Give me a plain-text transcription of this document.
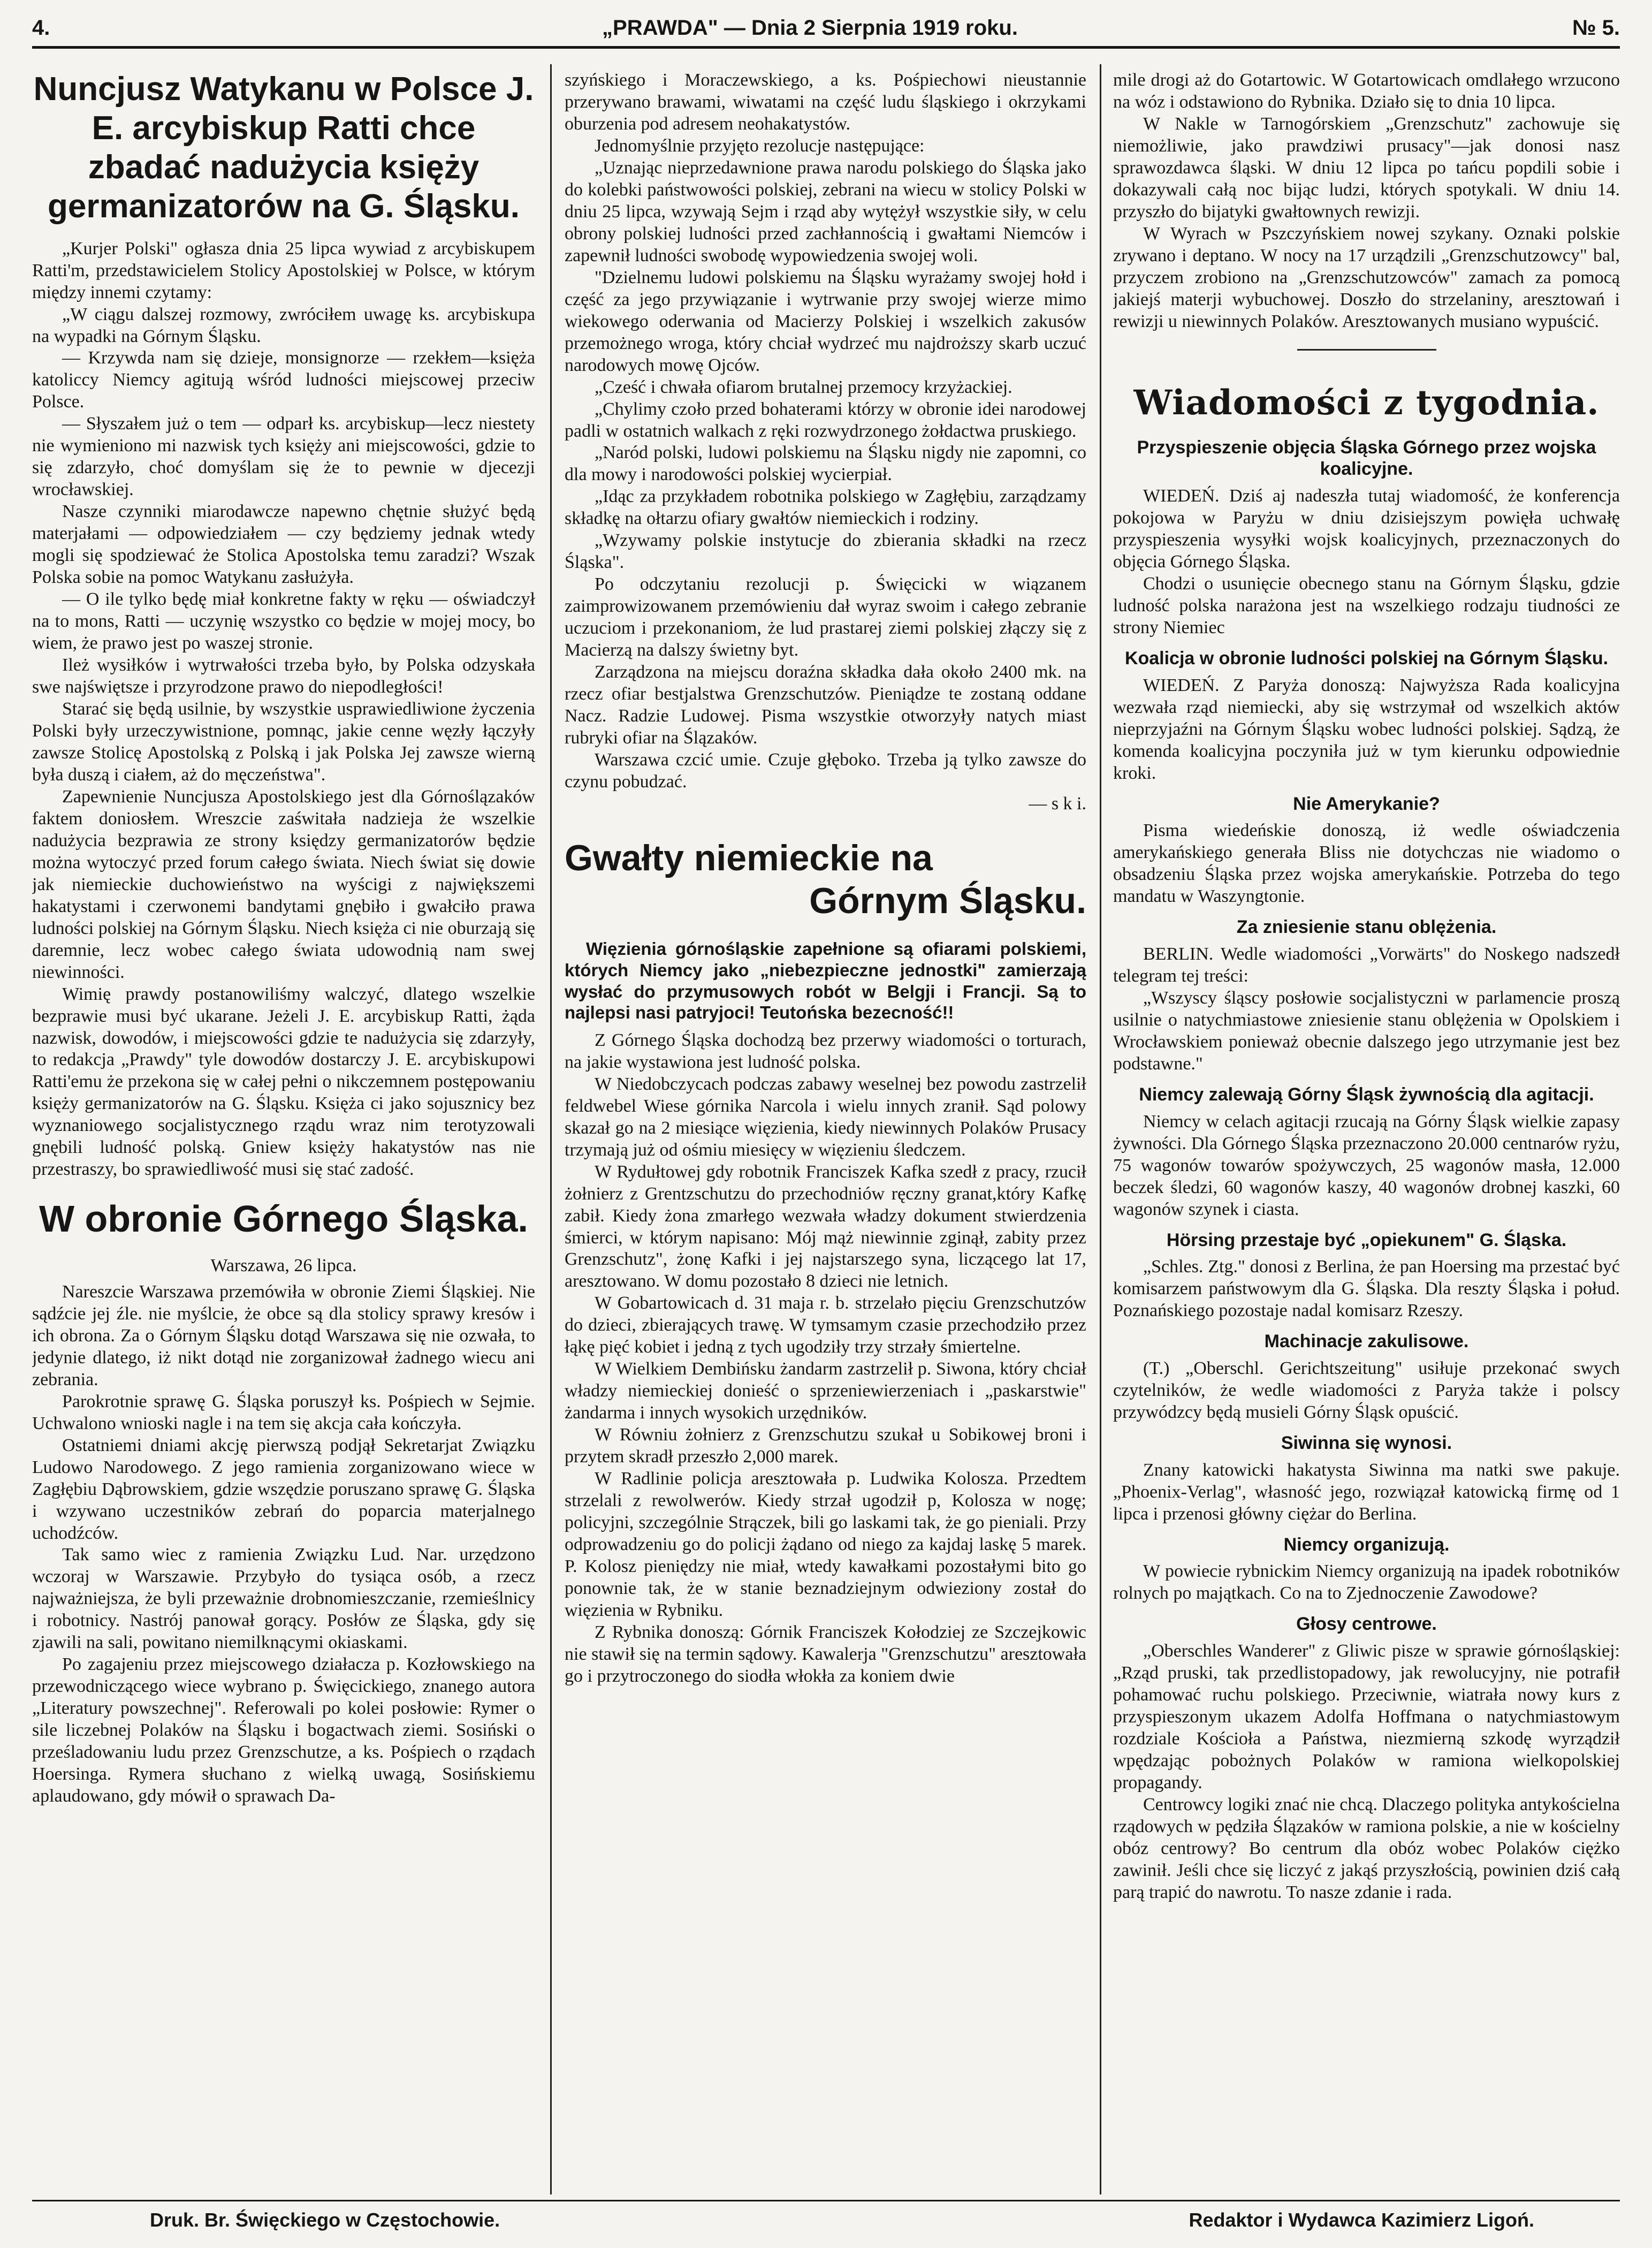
4.	„PRAWDA" — Dnia 2 Sierpnia 1919 roku.	№ 5.
Nuncjusz Watykanu w Polsce J. E. arcybiskup Ratti chce zbadać nadużycia księży germanizatorów na G. Śląsku.

„Kurjer Polski" ogłasza dnia 25 lipca wywiad z arcybiskupem Ratti'm, przedstawicielem Stolicy Apostolskiej w Polsce, w którym między innemi czytamy:

„W ciągu dalszej rozmowy, zwróciłem uwagę ks. arcybiskupa na wypadki na Górnym Śląsku.

— Krzywda nam się dzieje, monsignorze — rzekłem—księża katoliccy Niemcy agitują wśród ludności miejscowej przeciw Polsce.

— Słyszałem już o tem — odparł ks. arcybiskup—lecz niestety nie wymieniono mi nazwisk tych księży ani miejscowości, gdzie to się zdarzyło, choć domyślam się że to pewnie w djecezji wrocławskiej.

Nasze czynniki miarodawcze napewno chętnie służyć będą materjałami — odpowiedziałem — czy będziemy jednak wtedy mogli się spodziewać że Stolica Apostolska temu zaradzi? Wszak Polska sobie na pomoc Watykanu zasłużyła.

— O ile tylko będę miał konkretne fakty w ręku — oświadczył na to mons, Ratti — uczynię wszystko co będzie w mojej mocy, bo wiem, że prawo jest po waszej stronie.

Ileż wysiłków i wytrwałości trzeba było, by Polska odzyskała swe najświętsze i przyrodzone prawo do niepodległości!

Starać się będą usilnie, by wszystkie usprawiedliwione życzenia Polski były urzeczywistnione, pomnąc, jakie cenne węzły łączyły zawsze Stolicę Apostolską z Polską i jak Polska Jej zawsze wierną była duszą i ciałem, aż do męczeństwa".

Zapewnienie Nuncjusza Apostolskiego jest dla Górnoślązaków faktem doniosłem. Wreszcie zaświtała nadzieja że wszelkie nadużycia bezprawia ze strony księdzy germanizatorów będzie można wytoczyć przed forum całego świata. Niech świat się dowie jak niemieckie duchowieństwo na wyścigi z największemi hakatystami i czerwonemi bandytami gnębiło i gwałciło prawa ludności polskiej na Górnym Śląsku. Niech księża ci nie oburzają się daremnie, lecz wobec całego świata udowodnią nam swej niewinności.

Wimię prawdy postanowiliśmy walczyć, dlatego wszelkie bezprawie musi być ukarane. Jeżeli J. E. arcybiskup Ratti, żąda nazwisk, dowodów, i miejscowości gdzie te nadużycia się zdarzyły, to redakcja „Prawdy" tyle dowodów dostarczy J. E. arcybiskupowi Ratti'emu że przekona się w całej pełni o nikczemnem postępowaniu księży germanizatorów na G. Śląsku. Księża ci jako sojusznicy bez wyznaniowego socjalistycznego rządu wraz nim terotyzowali gnębili ludność polską. Gniew księży hakatystów nas nie przestraszy, bo sprawiedliwość musi się stać zadość.

W obronie Górnego Śląska.

Warszawa, 26 lipca.

Nareszcie Warszawa przemówiła w obronie Ziemi Śląskiej. Nie sądźcie jej źle. nie myślcie, że obce są dla stolicy sprawy kresów i ich obrona. Za o Górnym Śląsku dotąd Warszawa się nie ozwała, to jedynie dlatego, iż nikt dotąd nie zorganizował żadnego wiecu ani zebrania.

Parokrotnie sprawę G. Śląska poruszył ks. Pośpiech w Sejmie. Uchwalono wnioski nagle i na tem się akcja cała kończyła.

Ostatniemi dniami akcję pierwszą podjął Sekretarjat Związku Ludowo Narodowego. Z jego ramienia zorganizowano wiece w Zagłębiu Dąbrowskiem, gdzie wszędzie poruszano sprawę G. Śląska i wzywano uczestników zebrań do poparcia materjalnego uchodźców.

Tak samo wiec z ramienia Związku Lud. Nar. urzędzono wczoraj w Warszawie. Przybyło do tysiąca osób, a rzecz najważniejsza, że byli przeważnie drobnomieszczanie, rzemieślnicy i robotnicy. Nastrój panował gorący. Posłów ze Śląska, gdy się zjawili na sali, powitano niemilknącymi okiaskami.

Po zagajeniu przez miejscowego działacza p. Kozłowskiego na przewodniczącego wiece wybrano p. Święcickiego, znanego autora „Literatury powszechnej". Referowali po kolei posłowie: Rymer o sile liczebnej Polaków na Śląsku i bogactwach ziemi. Sosiński o prześladowaniu ludu przez Grenzschutze, a ks. Pośpiech o rządach Hoersinga. Rymera słuchano z wielką uwagą, Sosińskiemu aplaudowano, gdy mówił o sprawach Da-

szyńskiego i Moraczewskiego, a ks. Pośpiechowi nieustannie przerywano brawami, wiwatami na część ludu śląskiego i okrzykami oburzenia pod adresem neohakatystów.

Jednomyślnie przyjęto rezolucje następujące:

„Uznając nieprzedawnione prawa narodu polskiego do Śląska jako do kolebki państwowości polskiej, zebrani na wiecu w stolicy Polski w dniu 25 lipca, wzywają Sejm i rząd aby wytężył wszystkie siły, w celu obrony polskiej ludności przed zachłannością i gwałtami Niemców i zapewnił ludności swobodę wypowiedzenia swojej woli.

"Dzielnemu ludowi polskiemu na Śląsku wyrażamy swojej hołd i część za jego przywiązanie i wytrwanie przy swojej wierze mimo wiekowego oderwania od Macierzy Polskiej i wszelkich zakusów przemożnego wroga, który chciał wydrzeć mu najdroższy skarb uczuć narodowych mowę Ojców.

„Cześć i chwała ofiarom brutalnej przemocy krzyżackiej.

„Chylimy czoło przed bohaterami którzy w obronie idei narodowej padli w ostatnich walkach z ręki rozwydrzonego żołdactwa pruskiego.

„Naród polski, ludowi polskiemu na Śląsku nigdy nie zapomni, co dla mowy i narodowości polskiej wycierpiał.

„Idąc za przykładem robotnika polskiego w Zagłębiu, zarządzamy składkę na ołtarzu ofiary gwałtów niemieckich i rodziny.

„Wzywamy polskie instytucje do zbierania składki na rzecz Śląska".

Po odczytaniu rezolucji p. Święcicki w wiązanem zaimprowizowanem przemówieniu dał wyraz swoim i całego zebranie uczuciom i przekonaniom, że lud prastarej ziemi polskiej złączy się z Macierzą na dalszy świetny byt.

Zarządzona na miejscu doraźna składka dała około 2400 mk. na rzecz ofiar bestjalstwa Grenzschutzów. Pieniądze te zostaną oddane Nacz. Radzie Ludowej. Pisma wszystkie otworzyły natych miast rubryki ofiar na Ślązaków.

Warszawa czcić umie. Czuje głęboko. Trzeba ją tylko zawsze do czynu pobudzać.

— s k i.

Gwałty niemieckie na
Górnym Śląsku.
Więzienia górnośląskie zapełnione są ofiarami polskiemi, których Niemcy jako „niebezpieczne jednostki" zamierzają wysłać do przymusowych robót w Belgji i Francji. Są to najlepsi nasi patryjoci! Teutońska bezecność!!

Z Górnego Śląska dochodzą bez przerwy wiadomości o torturach, na jakie wystawiona jest ludność polska.

W Niedobczycach podczas zabawy weselnej bez powodu zastrzelił feldwebel Wiese górnika Narcola i wielu innych zranił. Sąd polowy skazał go na 2 miesiące więzienia, kiedy niewinnych Polaków Prusacy trzymają już od ośmiu miesięcy w więzieniu śledczem.

W Rydułtowej gdy robotnik Franciszek Kafka szedł z pracy, rzucił żołnierz z Grentzschutzu do przechodniów ręczny granat,który Kafkę zabił. Kiedy żona zmarłego wezwała władzy dokument stwierdzenia śmierci, w którym napisano: Mój mąż niewinnie zginął, zabity przez Grenzschutz", żonę Kafki i jej najstarszego syna, liczącego lat 17, aresztowano. W domu pozostało 8 dzieci nie letnich.

W Gobartowicach d. 31 maja r. b. strzelało pięciu Grenzschutzów do dzieci, zbierających trawę. W tymsamym czasie przechodziło przez łąkę pięć kobiet i jedną z tych ugodziły trzy strzały śmiertelne.

W Wielkiem Dembińsku żandarm zastrzelił p. Siwona, który chciał władzy niemieckiej donieść o sprzeniewierzeniach i „paskarstwie" żandarma i innych wysokich urzędników.

W Równiu żołnierz z Grenzschutzu szukał u Sobikowej broni i przytem skradł przeszło 2,000 marek.

W Radlinie policja aresztowała p. Ludwika Kolosza. Przedtem strzelali z rewolwerów. Kiedy strzał ugodził p, Kolosza w nogę; policyjni, szczególnie Strączek, bili go laskami tak, że go pieniali. Przy odprowadzeniu go do policji żądano od niego za kajdaj laskę 5 marek. P. Kolosz pieniędzy nie miał, wtedy kawałkami pozostałymi bito go ponownie tak, że w stanie beznadziejnym odwieziony został do więzienia w Rybniku.

Z Rybnika donoszą: Górnik Franciszek Kołodziej ze Szczejkowic nie stawił się na termin sądowy. Kawalerja "Grenzschutzu" aresztowała go i przytroczonego do siodła włokła za koniem dwie

mile drogi aż do Gotartowic. W Gotartowicach omdlałego wrzucono na wóz i odstawiono do Rybnika. Działo się to dnia 10 lipca.

W Nakle w Tarnogórskiem „Grenzschutz" zachowuje się niemożliwie, jako prawdziwi prusacy"—jak donosi nasz sprawozdawca śląski. W dniu 12 lipca po tańcu popdili sobie i dokazywali całą noc bijąc ludzi, których spotykali. W dniu 14. przyszło do bijatyki gwałtownych rewizji.

W Wyrach w Pszczyńskiem nowej szykany. Oznaki polskie zrywano i deptano. W nocy na 17 urządzili „Grenzschutzowcy" bal, przyczem zrobiono na „Grenzschutzowców" zamach za pomocą jakiejś materji wybuchowej. Doszło do strzelaniny, aresztowań i rewizji u niewinnych Polaków. Aresztowanych musiano wypuścić.

Wiadomości z tygodnia.
Przyspieszenie objęcia Śląska Górnego przez wojska koalicyjne.

WIEDEŃ. Dziś aj nadeszła tutaj wiadomość, że konferencja pokojowa w Paryżu w dniu dzisiejszym powięła uchwałę przyspieszenia wysyłki wojsk koalicyjnych, przeznaczonych do objęcia Górnego Śląska.

Chodzi o usunięcie obecnego stanu na Górnym Śląsku, gdzie ludność polska narażona jest na wszelkiego rodzaju tiudności ze strony Niemiec

Koalicja w obronie ludności polskiej na Górnym Śląsku.

WIEDEŃ. Z Paryża donoszą: Najwyższa Rada koalicyjna wezwała rząd niemiecki, aby się wstrzymał od wszelkich aktów nieprzyjaźni na Górnym Śląsku wobec ludności polskiej. Sądzą, że komenda koalicyjna poczyniła już w tym kierunku odpowiednie kroki.

Nie Amerykanie?

Pisma wiedeńskie donoszą, iż wedle oświadczenia amerykańskiego generała Bliss nie dotychczas nie wiadomo o obsadzeniu Śląska przez wojska amerykańskie. Potrzeba do tego mandatu w Waszyngtonie.

Za zniesienie stanu oblężenia.

BERLIN. Wedle wiadomości „Vorwärts" do Noskego nadszedł telegram tej treści:

„Wszyscy śląscy posłowie socjalistyczni w parlamencie proszą usilnie o natychmiastowe zniesienie stanu oblężenia w Opolskiem i Wrocławskiem ponieważ obecnie dalszego jego utrzymanie jest bez podstawne."

Niemcy zalewają Górny Śląsk żywnością dla agitacji.

Niemcy w celach agitacji rzucają na Górny Śląsk wielkie zapasy żywności. Dla Górnego Śląska przeznaczono 20.000 centnarów ryżu, 75 wagonów towarów spożywczych, 25 wagonów masła, 12.000 beczek śledzi, 60 wagonów kaszy, 40 wagonów drobnej kaszki, 60 wagonów szynek i ciasta.

Hörsing przestaje być „opiekunem" G. Śląska.

„Schles. Ztg." donosi z Berlina, że pan Hoersing ma przestać być komisarzem państwowym dla G. Śląska. Dla reszty Śląska i połud. Poznańskiego pozostaje nadal komisarz Rzeszy.

Machinacje zakulisowe.

(T.) „Oberschl. Gerichtszeitung" usiłuje przekonać swych czytelników, że wedle wiadomości z Paryża także i polscy przywódzcy będą musieli Górny Śląsk opuścić.

Siwinna się wynosi.

Znany katowicki hakatysta Siwinna ma natki swe pakuje. „Phoenix-Verlag", własność jego, rozwiązał katowicką firmę od 1 lipca i przenosi główny ciężar do Berlina.

Niemcy organizują.

W powiecie rybnickim Niemcy organizują na ipadek robotników rolnych po majątkach. Co na to Zjednoczenie Zawodowe?

Głosy centrowe.

„Oberschles Wanderer" z Gliwic pisze w sprawie górnośląskiej: „Rząd pruski, tak przedlistopadowy, jak rewolucyjny, nie potrafił pohamować ruchu polskiego. Przeciwnie, wiatrała nowy kurs z przyspieszonym ukazem Adolfa Hoffmana o natychmiastowym rozdziale Kościoła a Państwa, niezmierną szkodę wyrządził wpędzając pobożnych Polaków w ramiona wielkopolskiej propagandy.

Centrowcy logiki znać nie chcą. Dlaczego polityka antykościelna rządowych w pędziła Ślązaków w ramiona polskie, a nie w kościelny obóz centrowy? Bo centrum dla obóz wobec Polaków ciężko zawinił. Jeśli chce się liczyć z jakąś przyszłością, powinien dziś całą parą trapić do nawrotu. To nasze zdanie i rada.

Druk. Br. Święckiego w Częstochowie.	Redaktor i Wydawca Kazimierz Ligoń.
